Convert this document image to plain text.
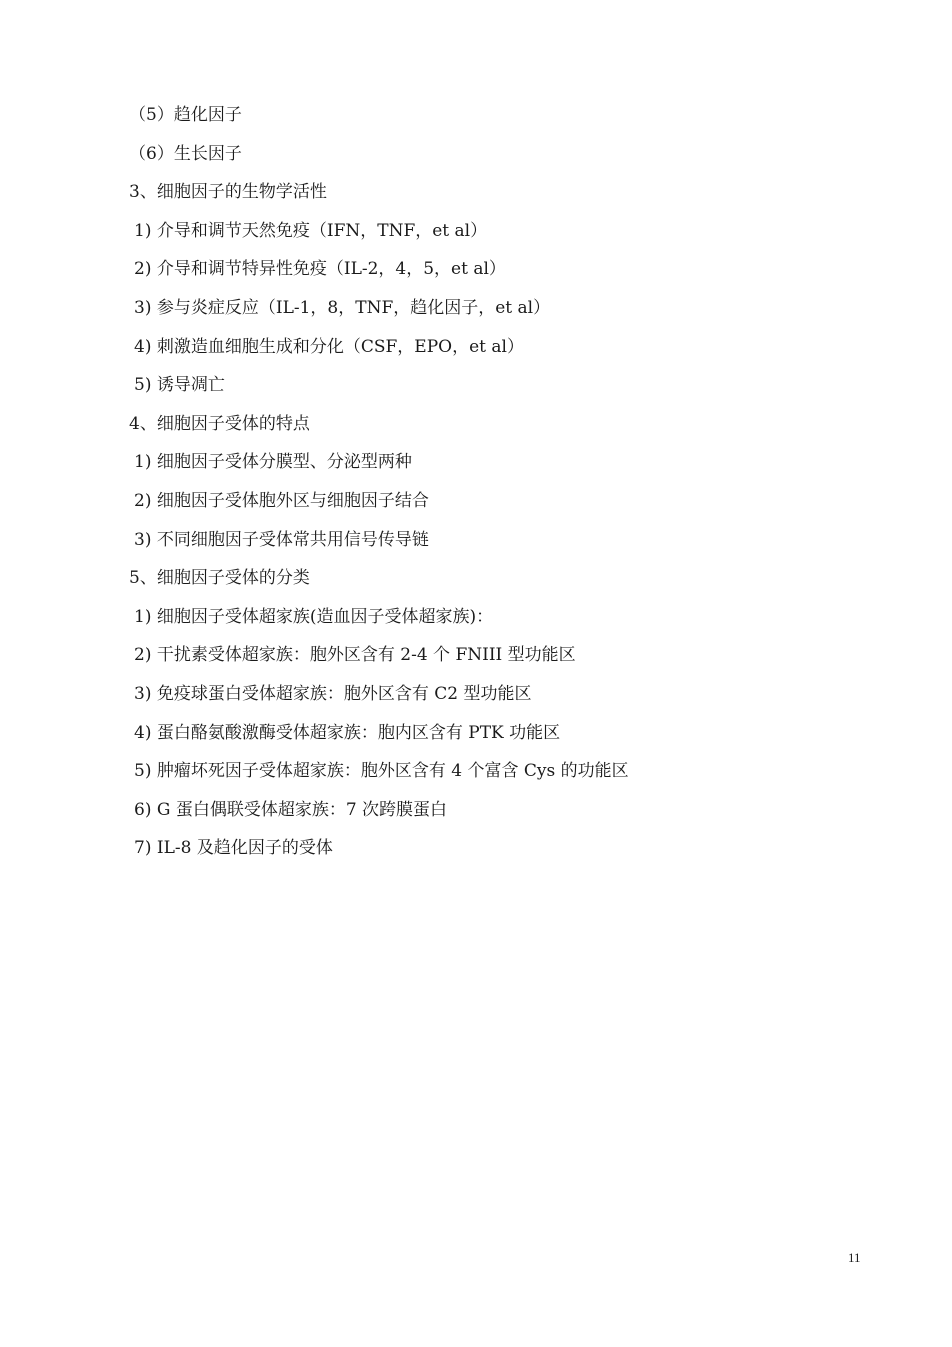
（5）趋化因子
（6）生长因子
3、细胞因子的生物学活性
1) 介导和调节天然免疫（IFN，TNF，et al）
2) 介导和调节特异性免疫（IL-2，4，5，et al）
3) 参与炎症反应（IL-1，8，TNF，趋化因子，et al）
4) 刺激造血细胞生成和分化（CSF，EPO，et al）
5) 诱导凋亡
4、细胞因子受体的特点
1) 细胞因子受体分膜型、分泌型两种
2) 细胞因子受体胞外区与细胞因子结合
3) 不同细胞因子受体常共用信号传导链
5、细胞因子受体的分类
1) 细胞因子受体超家族(造血因子受体超家族)：
2) 干扰素受体超家族：胞外区含有 2-4 个 FNIII 型功能区
3) 免疫球蛋白受体超家族：胞外区含有 C2 型功能区
4) 蛋白酪氨酸激酶受体超家族：胞内区含有 PTK 功能区
5) 肿瘤坏死因子受体超家族：胞外区含有 4 个富含 Cys 的功能区
6) G 蛋白偶联受体超家族：7 次跨膜蛋白
7) IL-8 及趋化因子的受体
11
